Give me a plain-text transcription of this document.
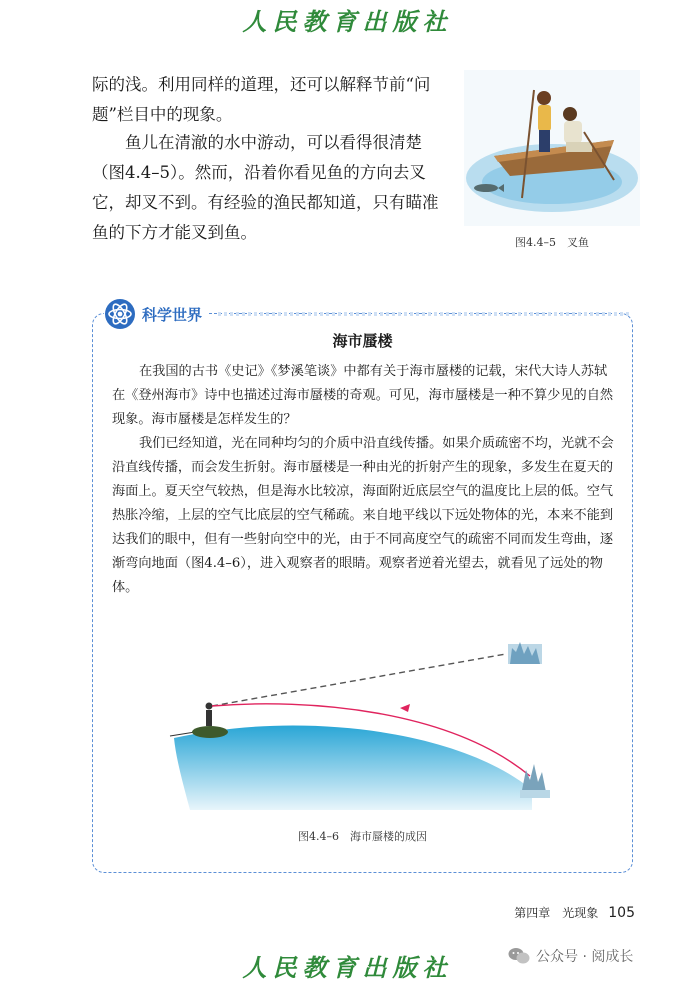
人民教育出版社

际的浅。利用同样的道理，还可以解释节前“问题”栏目中的现象。

鱼儿在清澈的水中游动，可以看得很清楚（图4.4–5）。然而，沿着你看见鱼的方向去叉它，却叉不到。有经验的渔民都知道，只有瞄准鱼的下方才能叉到鱼。

图4.4–5　叉鱼
科学世界
海市蜃楼

在我国的古书《史记》《梦溪笔谈》中都有关于海市蜃楼的记载，宋代大诗人苏轼在《登州海市》诗中也描述过海市蜃楼的奇观。可见，海市蜃楼是一种不算少见的自然现象。海市蜃楼是怎样发生的？

我们已经知道，光在同种均匀的介质中沿直线传播。如果介质疏密不均，光就不会沿直线传播，而会发生折射。海市蜃楼是一种由光的折射产生的现象，多发生在夏天的海面上。夏天空气较热，但是海水比较凉，海面附近底层空气的温度比上层的低。空气热胀冷缩，上层的空气比底层的空气稀疏。来自地平线以下远处物体的光，本来不能到达我们的眼中，但有一些射向空中的光，由于不同高度空气的疏密不同而发生弯曲，逐渐弯向地面（图4.4–6），进入观察者的眼睛。观察者逆着光望去，就看见了远处的物体。

图4.4–6　海市蜃楼的成因
第四章　光现象 105
人民教育出版社	公众号 · 阅成长
